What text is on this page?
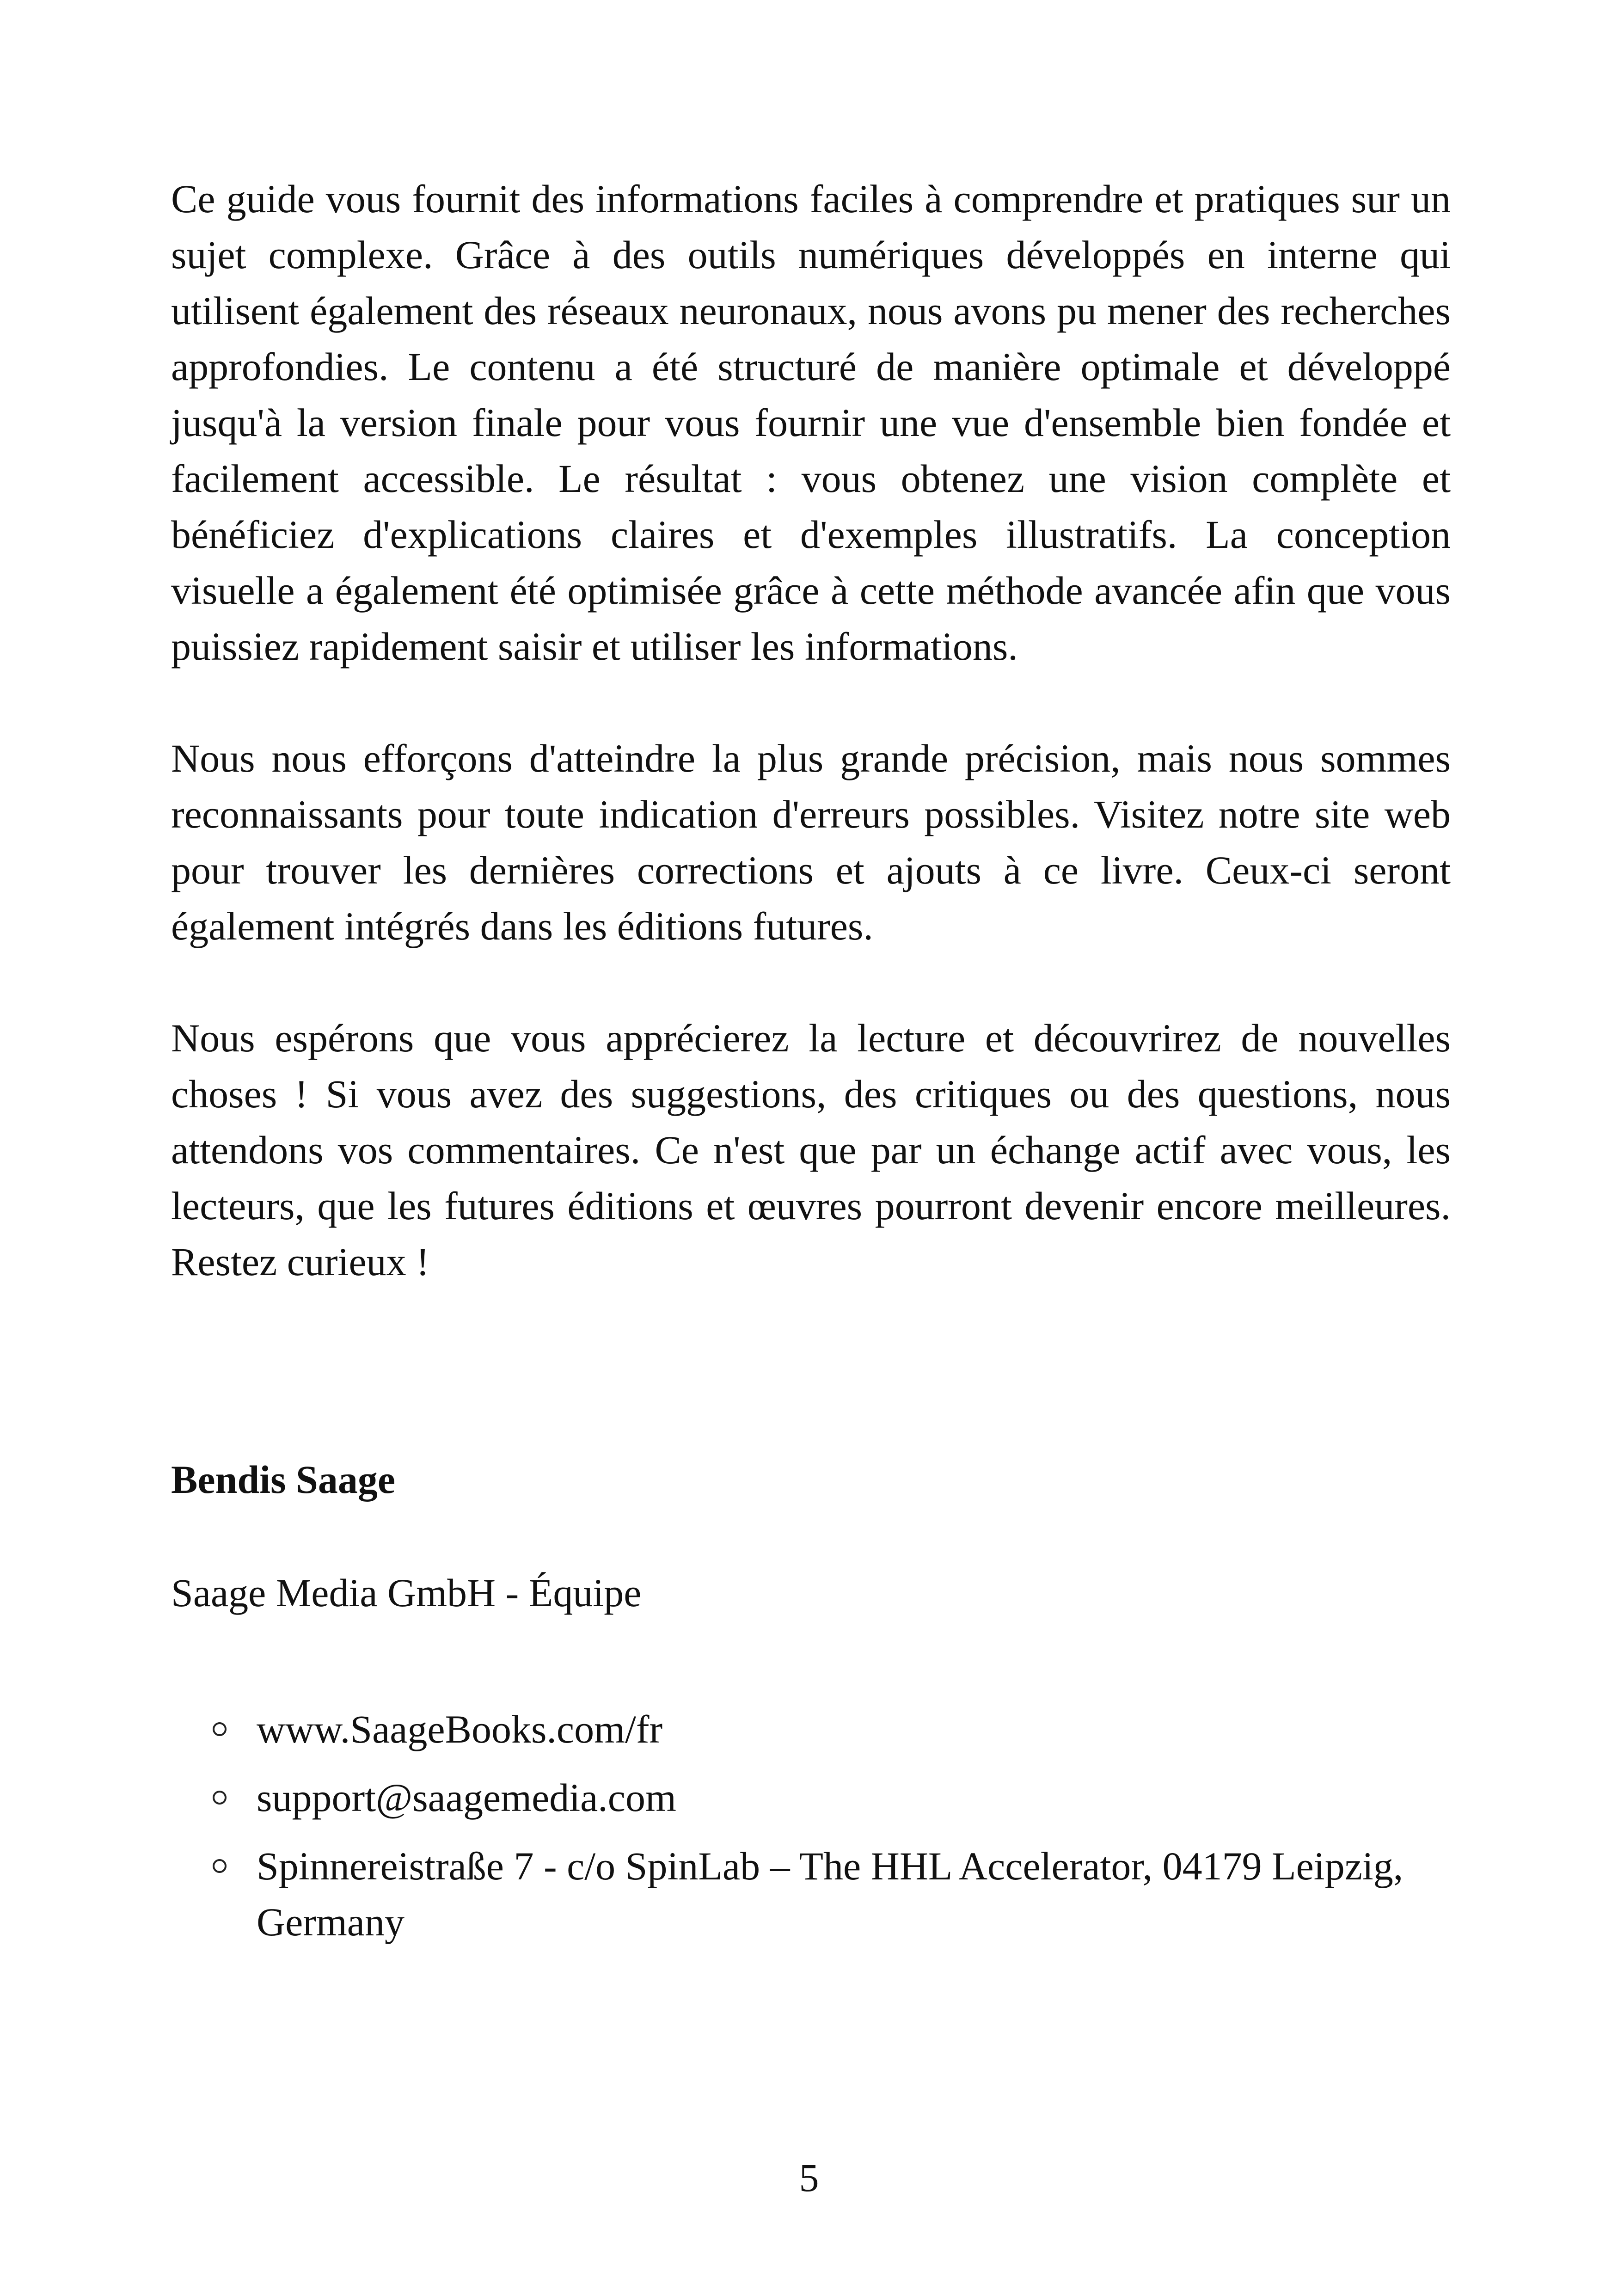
Ce guide vous fournit des informations faciles à comprendre et pratiques sur un sujet complexe. Grâce à des outils numériques développés en interne qui utilisent également des réseaux neuronaux, nous avons pu mener des recherches approfondies. Le contenu a été structuré de manière optimale et développé jusqu'à la version finale pour vous fournir une vue d'ensemble bien fondée et facilement accessible. Le résultat : vous obtenez une vision complète et bénéficiez d'explications claires et d'exemples illustratifs. La conception visuelle a également été optimisée grâce à cette méthode avancée afin que vous puissiez rapidement saisir et utiliser les informations.

Nous nous efforçons d'atteindre la plus grande précision, mais nous sommes reconnaissants pour toute indication d'erreurs possibles. Visitez notre site web pour trouver les dernières corrections et ajouts à ce livre. Ceux-ci seront également intégrés dans les éditions futures.

Nous espérons que vous apprécierez la lecture et découvrirez de nouvelles choses ! Si vous avez des suggestions, des critiques ou des questions, nous attendons vos commentaires. Ce n'est que par un échange actif avec vous, les lecteurs, que les futures éditions et œuvres pourront devenir encore meilleures. Restez curieux !

Bendis Saage

Saage Media GmbH - Équipe

www.SaageBooks.com/fr
support@saagemedia.com
Spinnereistraße 7 - c/o SpinLab – The HHL Accelerator, 04179 Leipzig, Germany
5
